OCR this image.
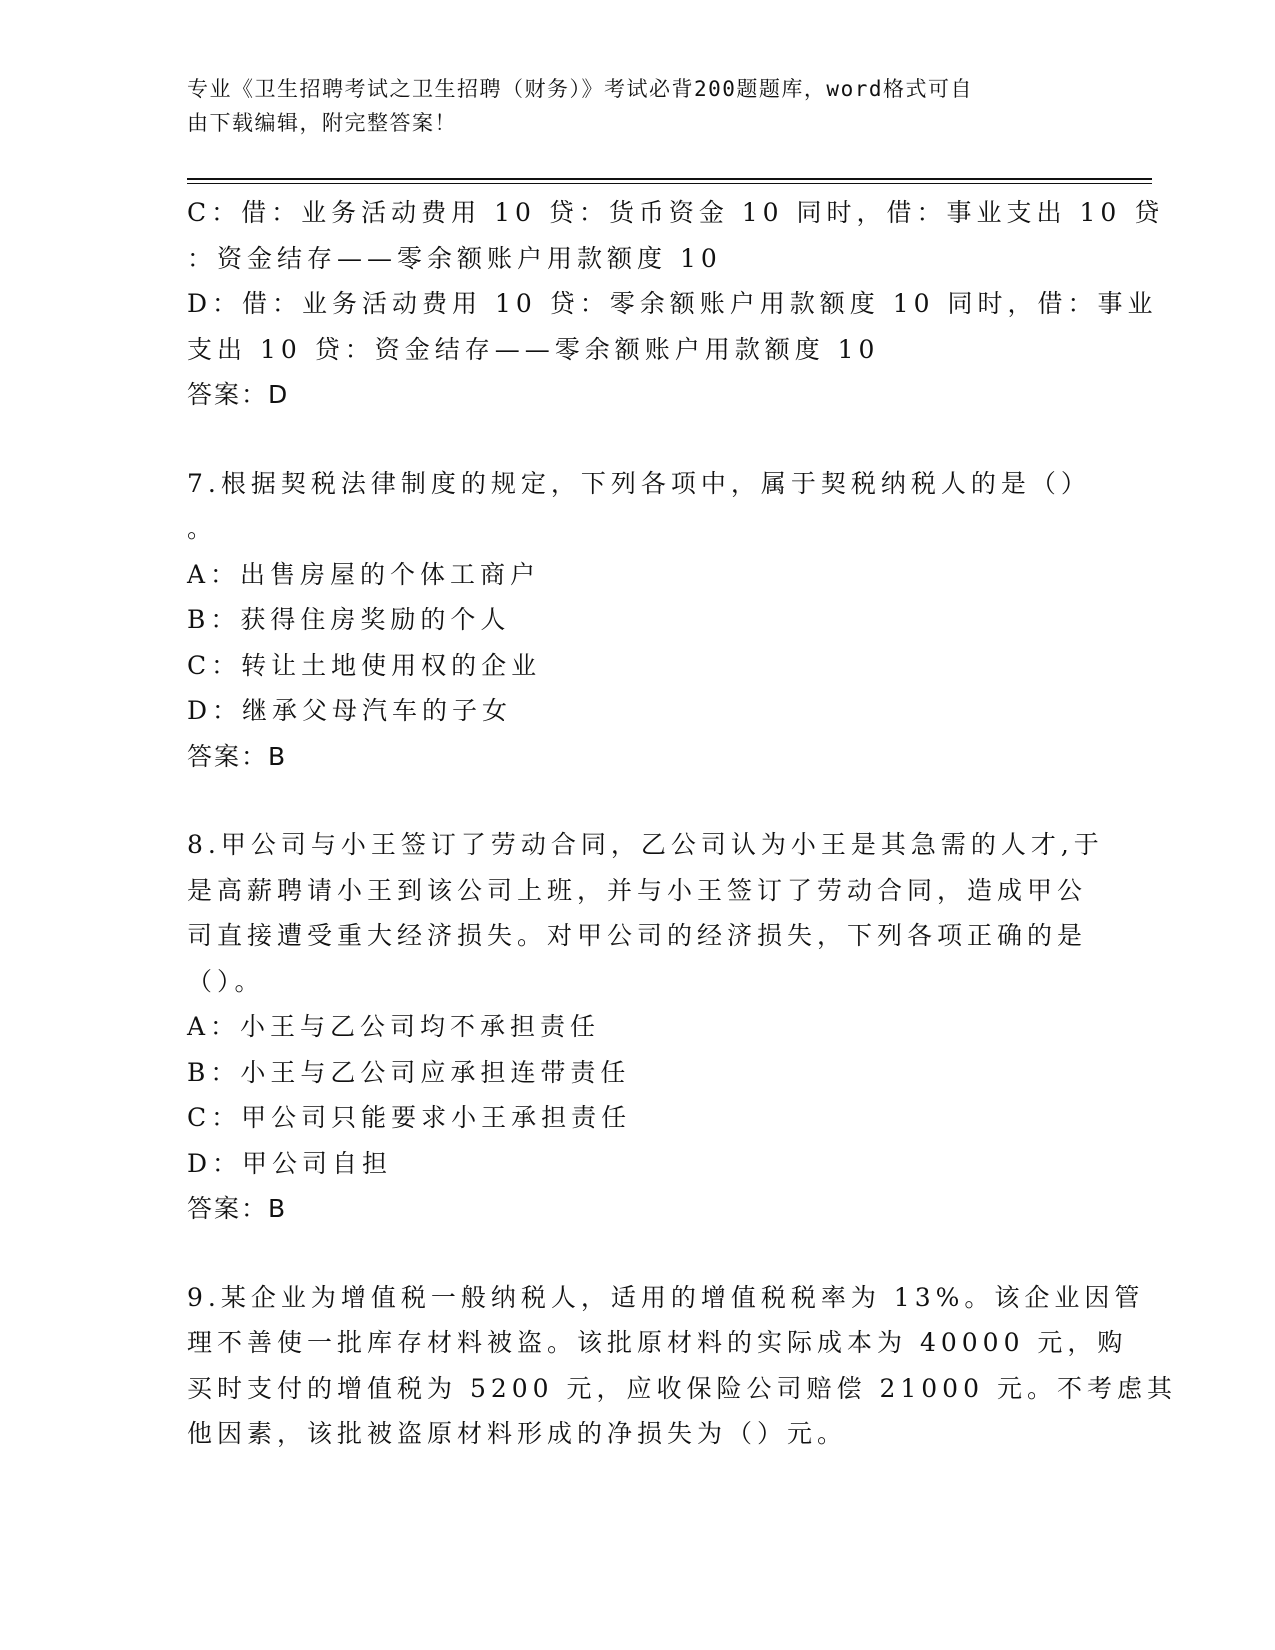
专业《卫生招聘考试之卫生招聘（财务）》考试必背200题题库，word格式可自
由下载编辑，附完整答案！
C：借：业务活动费用 10 贷：货币资金 10 同时，借：事业支出 10 贷
：资金结存——零余额账户用款额度 10
D：借：业务活动费用 10 贷：零余额账户用款额度 10 同时，借：事业
支出 10 贷：资金结存——零余额账户用款额度 10
答案：D
7.根据契税法律制度的规定，下列各项中，属于契税纳税人的是（）
。
A：出售房屋的个体工商户
B：获得住房奖励的个人
C：转让土地使用权的企业
D：继承父母汽车的子女
答案：B
8.甲公司与小王签订了劳动合同，乙公司认为小王是其急需的人才,于
是高薪聘请小王到该公司上班，并与小王签订了劳动合同，造成甲公
司直接遭受重大经济损失。对甲公司的经济损失，下列各项正确的是
（）。
A：小王与乙公司均不承担责任
B：小王与乙公司应承担连带责任
C：甲公司只能要求小王承担责任
D：甲公司自担
答案：B
9.某企业为增值税一般纳税人，适用的增值税税率为 13%。该企业因管
理不善使一批库存材料被盗。该批原材料的实际成本为 40000 元，购
买时支付的增值税为 5200 元，应收保险公司赔偿 21000 元。不考虑其
他因素，该批被盗原材料形成的净损失为（）元。
